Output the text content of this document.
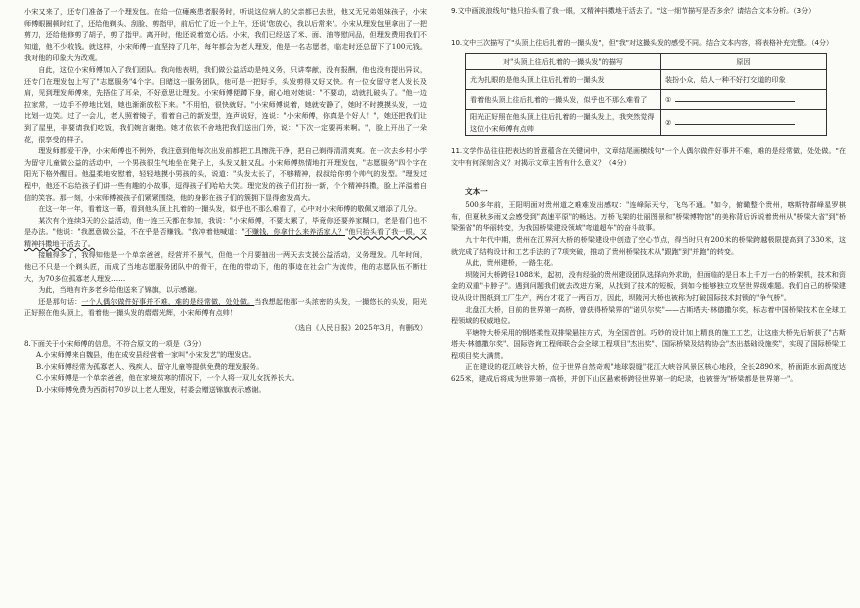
小宋又来了，还专门准备了一个理发包。在给一位瘫痪患者服务时，听说这位病人的父亲都已去世，他又无兄弟姐妹孩子，小宋师傅眼圈顿时红了，还给他剃头、刮脸、剪指甲，前后忙了近一个上午，还说'您放心，我以后常来'。小宋从理发包里拿出了一把剪刀，还给他修剪了胡子，剪了指甲。离开时，他还说着宽心话。小宋，我们已经送了米、面、油等慰问品，但理发费用我们不知道，他不少收钱。就这样，小宋师傅一直坚持了几年，每年都会为老人理发，他是一名志愿者，临走时还总留下了100元钱。我对他的印象大为改观。

自此，这位小宋师傅加入了我们团队。我向他表明，我们做公益活动是纯义务，只讲奉献，没有报酬，他也没有提出异议，还专门在理发包上写了"志愿服务"4个字。目睹这一服务团队，他可是一把好手，头发剪得又好又快。有一位女留守老人发长及肩，见到理发师傅来，先捂住了耳朵，不好意思让理发。小宋师傅便蹲下身，耐心地对她说："不要动，动就扎破头了。"他一边拉家常，一边手不停地比划，她也渐渐放松下来。"不用怕，很快就好。"小宋师傅说着，她就安静了，她时不时摸摸头发，一边比划一边笑。过了一会儿，老人照着镜子，看着自己的新发型，连声说好，连说："小宋师傅，你真是个好人！"，她还把我们让到了屋里，非要请我们吃饭，我们婉言谢绝。她才依依不舍地把我们送出门外，说："下次一定要再来啊。"，脸上开出了一朵花，很享受的样子。

理发师都爱干净，小宋师傅也不例外，我注意到他每次出发前都把工具擦洗干净，把自己剃得清清爽爽。在一次去乡村小学为留守儿童做公益的活动中，一个男孩很生气地坐在凳子上，头发又脏又乱。小宋师傅热情地打开理发包，"志愿服务"四个字在阳光下格外醒目。他温柔地安慰着，轻轻地摸小男孩的头，说道："头发太长了，不够精神，叔叔给你剪个帅气的发型。"理发过程中，他还不忘给孩子们讲一些有趣的小故事，逗得孩子们哈哈大笑。理完发的孩子们打扮一新，个个精神抖擞，脸上洋溢着自信的笑容。那一刻，小宋师傅被孩子们紧紧围绕，他的身影在孩子们的簇拥下显得愈发高大。

在这一年一年，看着这一幕，看到他头顶上扎着的一撮头发，似乎也不那么难看了，心中对小宋师傅的敬佩又增添了几分。

某次有个连续3天的公益活动，他一连三天都在参加，我说："小宋师傅，不要太累了，毕竟你还要养家糊口，老是看门也不是办法。"他说："我愿意做公益，不在乎是否赚钱。"我冲着他喊道："不赚钱，你拿什么来养活家人？"他只抬头看了我一眼，又精神抖擞地干活去了。

接触得多了，我得知他是一个单亲爸爸，经营并不景气，但他一个月要抽出一两天去支援公益活动，义务理发。几年时间，他已不只是一个剃头匠，而成了当地志愿服务团队中的骨干，在他的带动下，他的事迹在社会广为流传，他的志愿队伍不断壮大，为70多位孤寡老人理发……

为此，当地有许多老乡给他送来了锦旗，以示感谢。

还是那句话：一个人偶尔做件好事并不难，难的是经常做，处处做。当我想起他那一头浓密的头发，一撮悠长的头发，阳光正好照在他头顶上，看着他一撮头发的熠熠光辉，小宋师傅有点帅！

（选自《人民日报》2025年3月，有删改）

8.下面关于小宋师傅的信息，不符合原文的一项是（3分）

A.小宋师傅来自魏县，他在成安县经营着一家叫"小宋发艺"的理发店。

B.小宋师傅经常为孤寡老人、残疾人、留守儿童等提供免费的理发服务。

C.小宋师傅是一个单亲爸爸，他在家境贫寒的情况下，一个人将一双儿女抚养长大。

D.小宋师傅免费为西街村70岁以上老人理发，村委会赠送锦旗表示感谢。

9.文中画波浪线句"他只抬头看了我一眼，又精神抖擞地干活去了。"这一细节描写是否多余？请结合文本分析。（3分）

10.文中三次描写了"头顶上往后扎着的一撮头发"，但"我"对这撮头发的感受不同。结合文本内容，将表格补充完整。（4分）

对"头顶上往后扎着的一撮头发"的描写	原因
尤为扎眼的是他头顶上往后扎着的一撮头发	装扮小众，给人一种不好打交道的印象
看着他头顶上往后扎着的一撮头发，似乎也不那么难看了	①
阳光正好照在他头顶上往后扎着的一撮头发上，我突然觉得这位小宋师傅有点帅	②

11.文学作品往往把表达的旨意蕴含在关键词中，文章结尾画横线句"一个人偶尔做件好事并不难，难的是经常做，处处做。"在文中有何深刻含义？对揭示文章主旨有什么意义？（4分）

文本一

500多年前，王阳明面对贵州道之难难发出感叹："连峰际天兮，飞鸟不通。"如今，俯瞰整个贵州，喀斯特群峰星罗棋布，但夏秋多雨又会感受到"高速平原"的畅达。万桥飞架的壮丽图景和"桥梁博物馆"的美称背后诉说着贵州从"桥梁大省"到"桥梁强省"的华丽转变，为我国桥梁建设领域"弯道超车"的奋斗故事。

九十年代中期，贵州在江界河大桥的桥梁建设中创造了空心节点，得当时只有200米的桥梁跨越极限提高到了330米，这就完成了结构设计和工艺手法的了7项突破，推动了贵州桥梁技术从"跟跑"到"并跑"的转变。

从此，贵州建桥，一路生花。

坝陵河大桥跨径1088米，起初，没有经验的贵州建设团队选择向外求助，但面临的是日本上千万一台的桥架机，技术和资金的双重"卡脖子"。遇到问题我们就去改进方案，从找到了技术的短板，到如今能够独立攻坚世界级难题。我们自己的桥梁建设从设计图纸到工厂生产，两台才花了一两百万，因此，坝陵河大桥也被称为打破国际技术封锁的"争气桥"。

北盘江大桥，目前的世界第一高桥，曾获得桥梁界的"诺贝尔奖"——古斯塔夫·林德撒尔奖，标志着中国桥梁技术在全球工程领域的权威地位。

平塘特大桥采用的钢塔柔性双排梁悬挂方式，为全国首创。巧妙的设计加上精良的施工工艺，让这座大桥先后斩获了"古斯塔夫·林德撒尔奖"、国际咨询工程师联合会全球工程项目"杰出奖"、国际桥梁及结构协会"杰出基础设施奖"，实现了国际桥梁工程项目奖大满贯。

正在建设的花江峡谷大桥，位于世界自然奇观"地球裂缝"花江大峡谷风景区核心地段，全长2890米，桥面距水面高度达625米，建成后将成为世界第一高桥，并创下山区悬索桥跨径世界第一的纪录，也被誉为"桥梁都是世界第一"。
